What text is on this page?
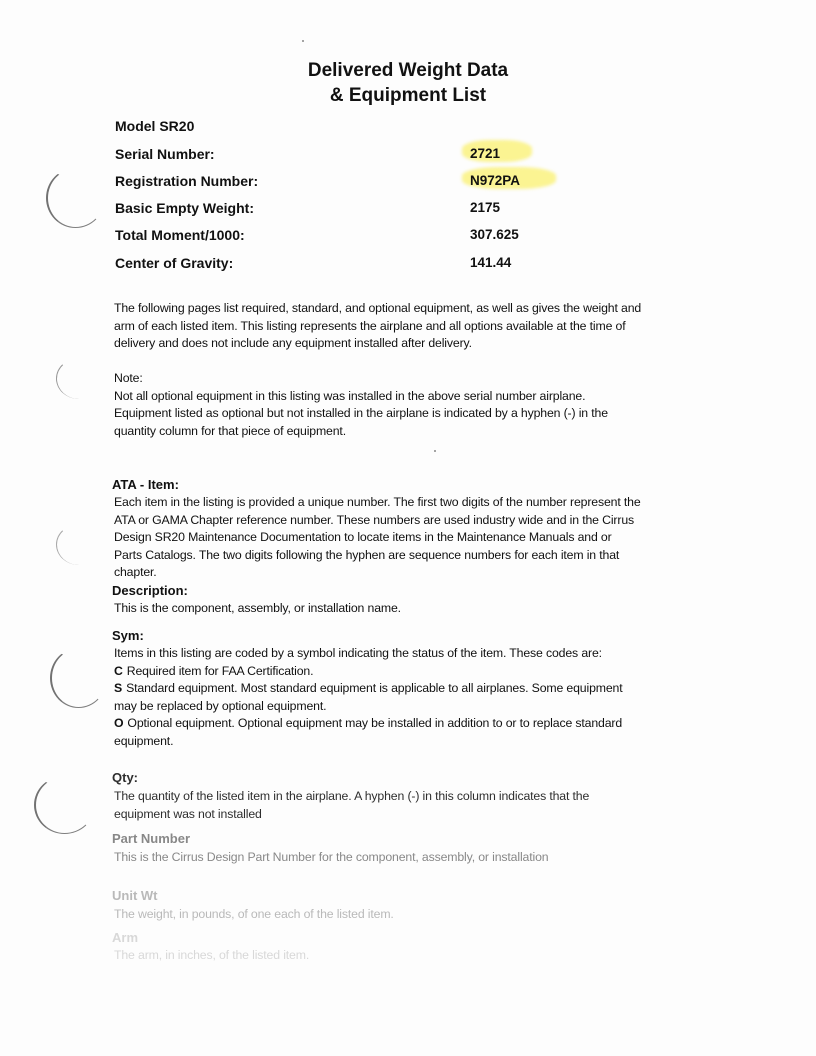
Delivered Weight Data
& Equipment List
Model SR20
Serial Number:	2721
Registration Number:	N972PA
Basic Empty Weight:	2175
Total Moment/1000:	307.625
Center of Gravity:	141.44
The following pages list required, standard, and optional equipment, as well as gives the weight and
arm of each listed item. This listing represents the airplane and all options available at the time of
delivery and does not include any equipment installed after delivery.
Note:
Not all optional equipment in this listing was installed in the above serial number airplane.
Equipment listed as optional but not installed in the airplane is indicated by a hyphen (-) in the
quantity column for that piece of equipment.
ATA - Item:
Each item in the listing is provided a unique number. The first two digits of the number represent the
ATA or GAMA Chapter reference number. These numbers are used industry wide and in the Cirrus
Design SR20 Maintenance Documentation to locate items in the Maintenance Manuals and or
Parts Catalogs. The two digits following the hyphen are sequence numbers for each item in that
chapter.
Description:
This is the component, assembly, or installation name.
Sym:
Items in this listing are coded by a symbol indicating the status of the item. These codes are:
C Required item for FAA Certification.
S Standard equipment. Most standard equipment is applicable to all airplanes. Some equipment
may be replaced by optional equipment.
O Optional equipment. Optional equipment may be installed in addition to or to replace standard
equipment.
Qty:
The quantity of the listed item in the airplane. A hyphen (-) in this column indicates that the
equipment was not installed
Part Number
This is the Cirrus Design Part Number for the component, assembly, or installation
Unit Wt
The weight, in pounds, of one each of the listed item.
Arm
The arm, in inches, of the listed item.
